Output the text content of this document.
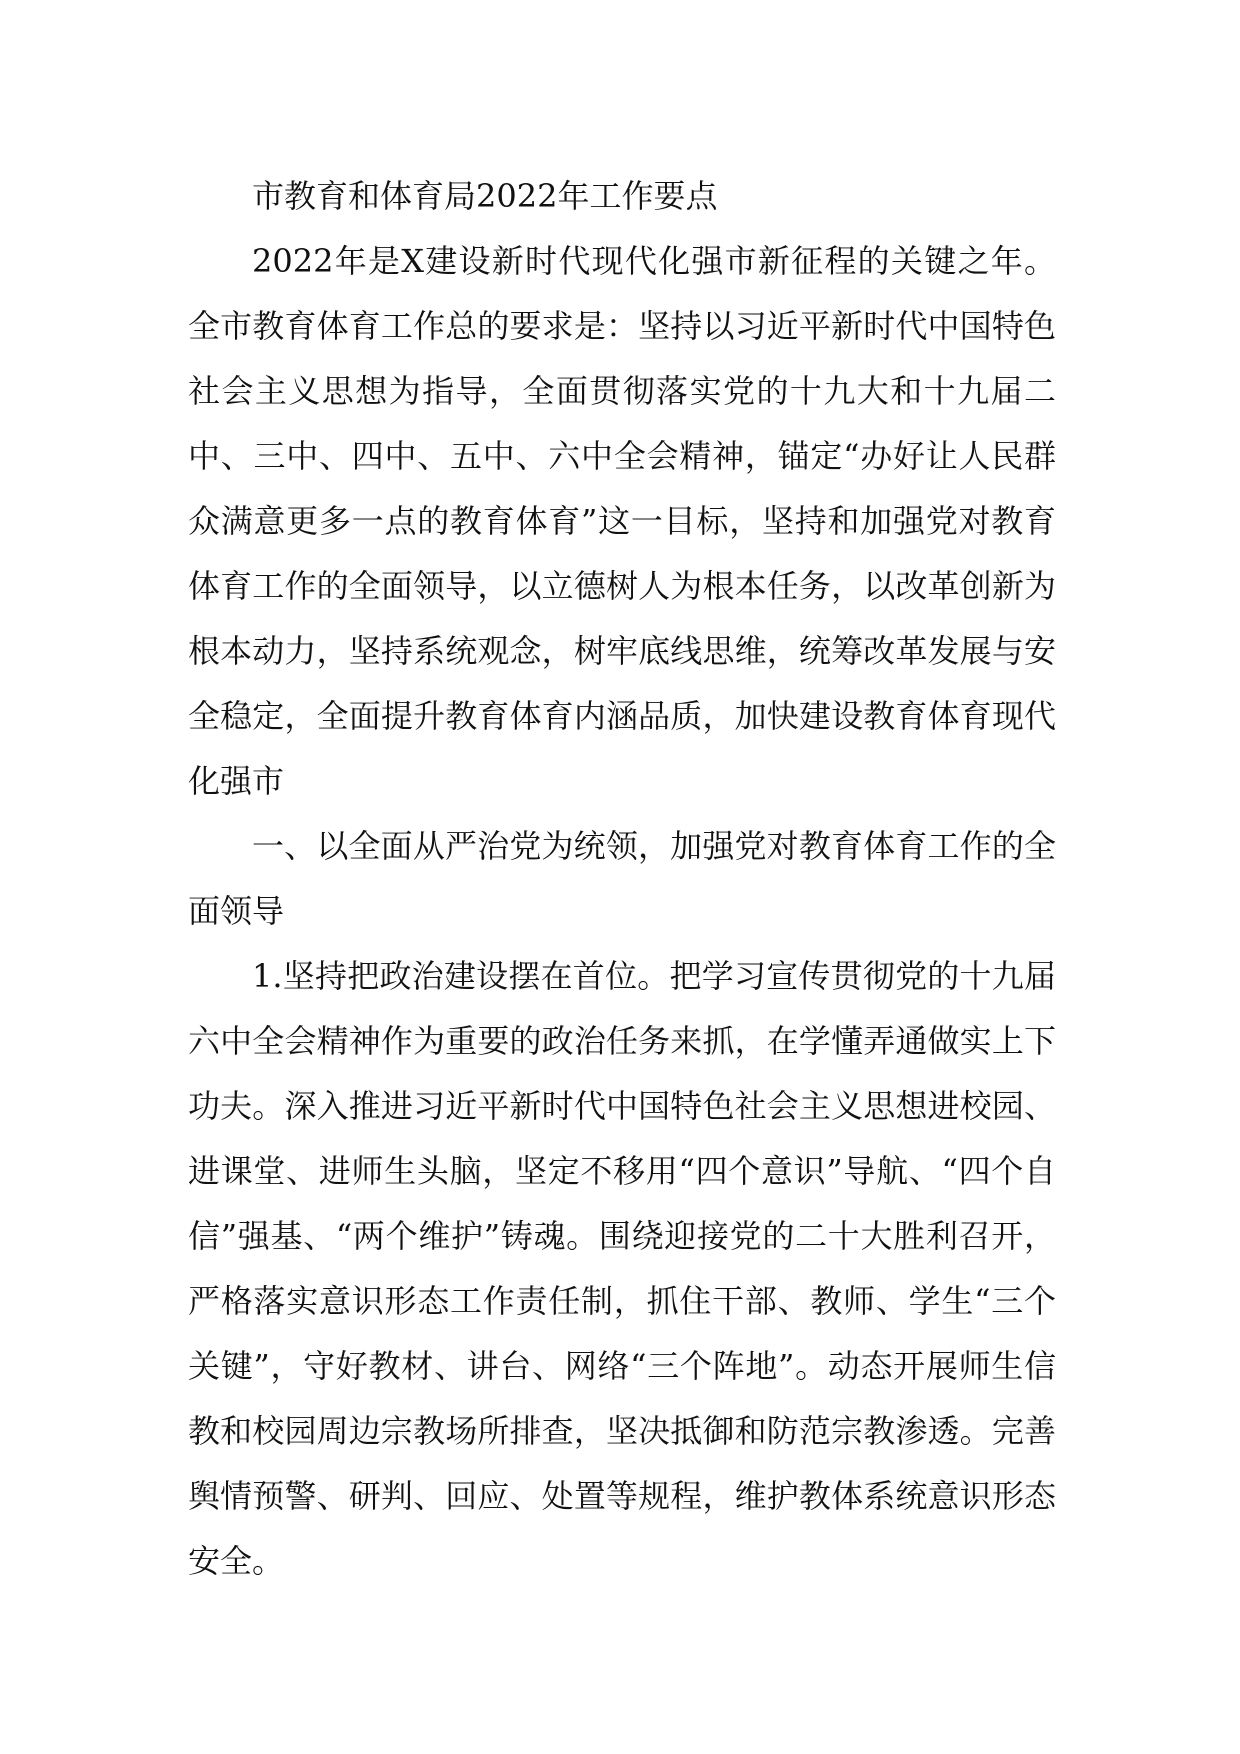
市教育和体育局2022年工作要点

2022年是X建设新时代现代化强市新征程的关键之年。全市教育体育工作总的要求是：坚持以习近平新时代中国特色社会主义思想为指导，全面贯彻落实党的十九大和十九届二中、三中、四中、五中、六中全会精神，锚定“办好让人民群众满意更多一点的教育体育”这一目标，坚持和加强党对教育体育工作的全面领导，以立德树人为根本任务，以改革创新为根本动力，坚持系统观念，树牢底线思维，统筹改革发展与安全稳定，全面提升教育体育内涵品质，加快建设教育体育现代化强市

一、以全面从严治党为统领，加强党对教育体育工作的全面领导

1.坚持把政治建设摆在首位。把学习宣传贯彻党的十九届六中全会精神作为重要的政治任务来抓，在学懂弄通做实上下功夫。深入推进习近平新时代中国特色社会主义思想进校园、进课堂、进师生头脑，坚定不移用“四个意识”导航、“四个自信”强基、“两个维护”铸魂。围绕迎接党的二十大胜利召开，严格落实意识形态工作责任制，抓住干部、教师、学生“三个关键”，守好教材、讲台、网络“三个阵地”。动态开展师生信教和校园周边宗教场所排查，坚决抵御和防范宗教渗透。完善舆情预警、研判、回应、处置等规程，维护教体系统意识形态安全。
